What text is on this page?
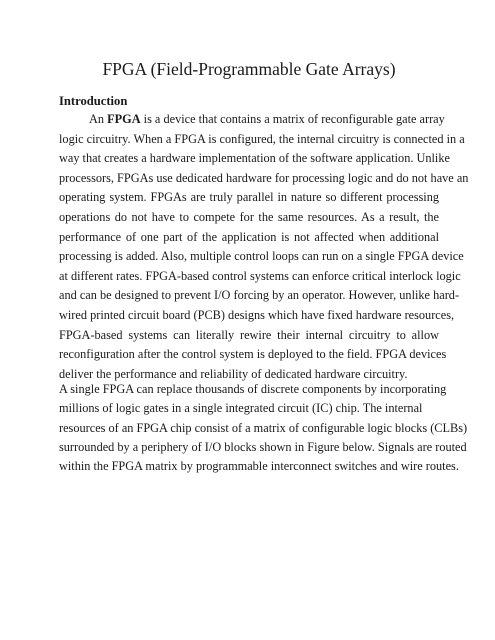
FPGA (Field-Programmable Gate Arrays)
Introduction
An FPGA is a device that contains a matrix of reconfigurable gate array
logic circuitry. When a FPGA is configured, the internal circuitry is connected in a
way that creates a hardware implementation of the software application. Unlike
processors, FPGAs use dedicated hardware for processing logic and do not have an
operating system. FPGAs are truly parallel in nature so different processing
operations do not have to compete for the same resources. As a result, the
performance of one part of the application is not affected when additional
processing is added. Also, multiple control loops can run on a single FPGA device
at different rates. FPGA-based control systems can enforce critical interlock logic
and can be designed to prevent I/O forcing by an operator. However, unlike hard-
wired printed circuit board (PCB) designs which have fixed hardware resources,
FPGA-based systems can literally rewire their internal circuitry to allow
reconfiguration after the control system is deployed to the field. FPGA devices
deliver the performance and reliability of dedicated hardware circuitry.
A single FPGA can replace thousands of discrete components by incorporating
millions of logic gates in a single integrated circuit (IC) chip. The internal
resources of an FPGA chip consist of a matrix of configurable logic blocks (CLBs)
surrounded by a periphery of I/O blocks shown in Figure below. Signals are routed
within the FPGA matrix by programmable interconnect switches and wire routes.
